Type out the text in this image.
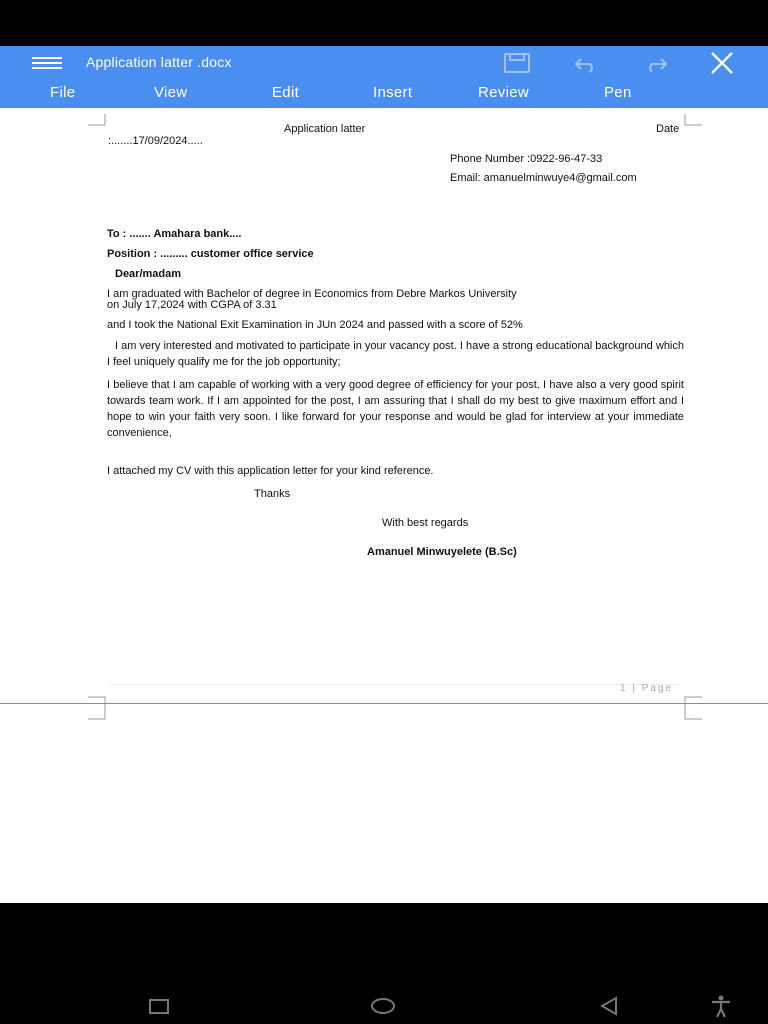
Application latter .docx
File	View	Edit	Insert	Review	Pen
Application latter	Date
:.......17/09/2024.....
Phone Number :0922-96-47-33
Email: amanuelminwuye4@gmail.com
To : ....... Amahara bank....
Position : ......... customer office service
Dear/madam
I am graduated with Bachelor of degree in Economics from Debre Markos University
on July 17,2024 with CGPA of 3.31
and I took the National Exit Examination in JUn 2024 and passed with a score of 52%
I am very interested and motivated to participate in your vacancy post. I have a strong educational background which I feel uniquely qualify me for the job opportunity;
I believe that I am capable of working with a very good degree of efficiency for your post. I have also a very good spirit towards team work. If I am appointed for the post, I am assuring that I shall do my best to give maximum effort and I hope to win your faith very soon. I like forward for your response and would be glad for interview at your immediate convenience,
I attached my CV with this application letter for your kind reference.
Thanks
With best regards
Amanuel Minwuyelete (B.Sc)
1 | Page
